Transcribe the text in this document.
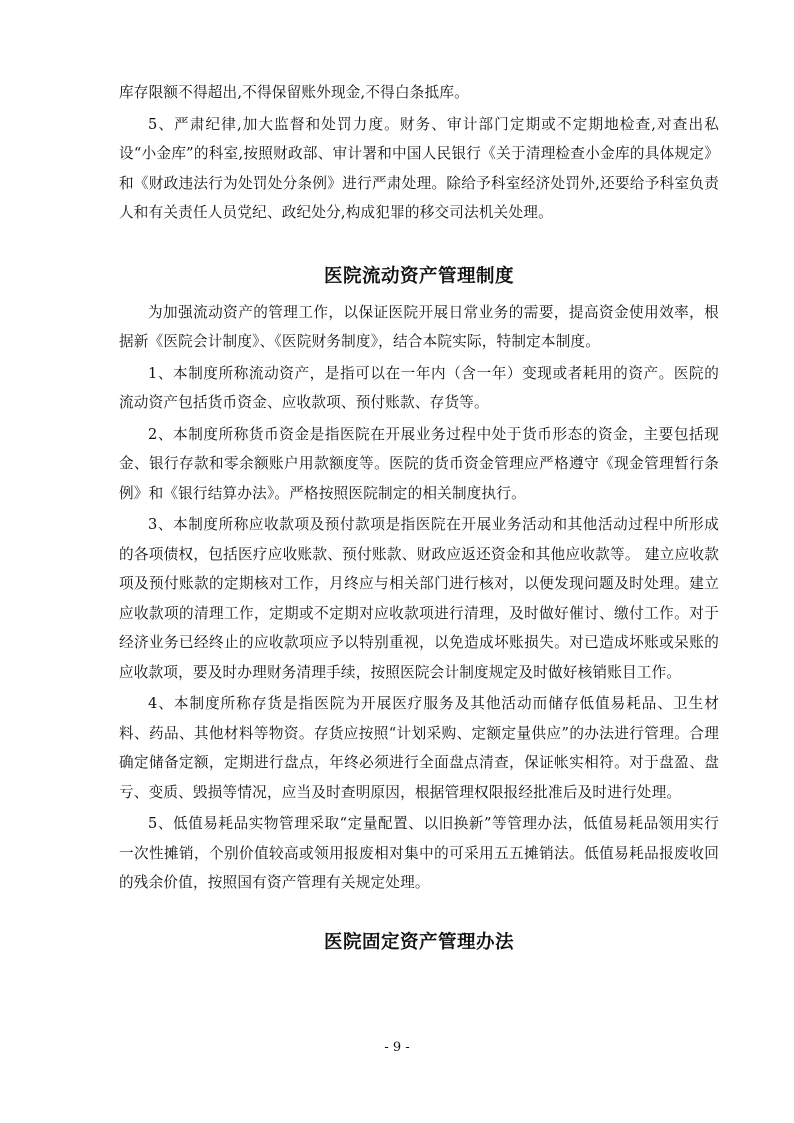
库存限额不得超出,不得保留账外现金,不得白条抵库。

5、严肃纪律,加大监督和处罚力度。财务、审计部门定期或不定期地检查,对查出私设“小金库”的科室,按照财政部、审计署和中国人民银行《关于清理检查小金库的具体规定》和《财政违法行为处罚处分条例》进行严肃处理。除给予科室经济处罚外,还要给予科室负责人和有关责任人员党纪、政纪处分,构成犯罪的移交司法机关处理。

医院流动资产管理制度

为加强流动资产的管理工作，以保证医院开展日常业务的需要，提高资金使用效率，根据新《医院会计制度》、《医院财务制度》，结合本院实际，特制定本制度。

1、本制度所称流动资产，是指可以在一年内（含一年）变现或者耗用的资产。医院的流动资产包括货币资金、应收款项、预付账款、存货等。

2、本制度所称货币资金是指医院在开展业务过程中处于货币形态的资金，主要包括现金、银行存款和零余额账户用款额度等。医院的货币资金管理应严格遵守《现金管理暂行条例》和《银行结算办法》。严格按照医院制定的相关制度执行。

3、本制度所称应收款项及预付款项是指医院在开展业务活动和其他活动过程中所形成的各项债权，包括医疗应收账款、预付账款、财政应返还资金和其他应收款等。 建立应收款项及预付账款的定期核对工作，月终应与相关部门进行核对，以便发现问题及时处理。建立应收款项的清理工作，定期或不定期对应收款项进行清理，及时做好催讨、缴付工作。对于经济业务已经终止的应收款项应予以特别重视，以免造成坏账损失。对已造成坏账或呆账的应收款项，要及时办理财务清理手续，按照医院会计制度规定及时做好核销账目工作。

4、本制度所称存货是指医院为开展医疗服务及其他活动而储存低值易耗品、卫生材料、药品、其他材料等物资。存货应按照“计划采购、定额定量供应”的办法进行管理。合理确定储备定额，定期进行盘点，年终必须进行全面盘点清查，保证帐实相符。对于盘盈、盘亏、变质、毁损等情况，应当及时查明原因，根据管理权限报经批准后及时进行处理。

5、低值易耗品实物管理采取“定量配置、以旧换新”等管理办法，低值易耗品领用实行一次性摊销，个别价值较高或领用报废相对集中的可采用五五摊销法。低值易耗品报废收回的残余价值，按照国有资产管理有关规定处理。

医院固定资产管理办法
- 9 -
